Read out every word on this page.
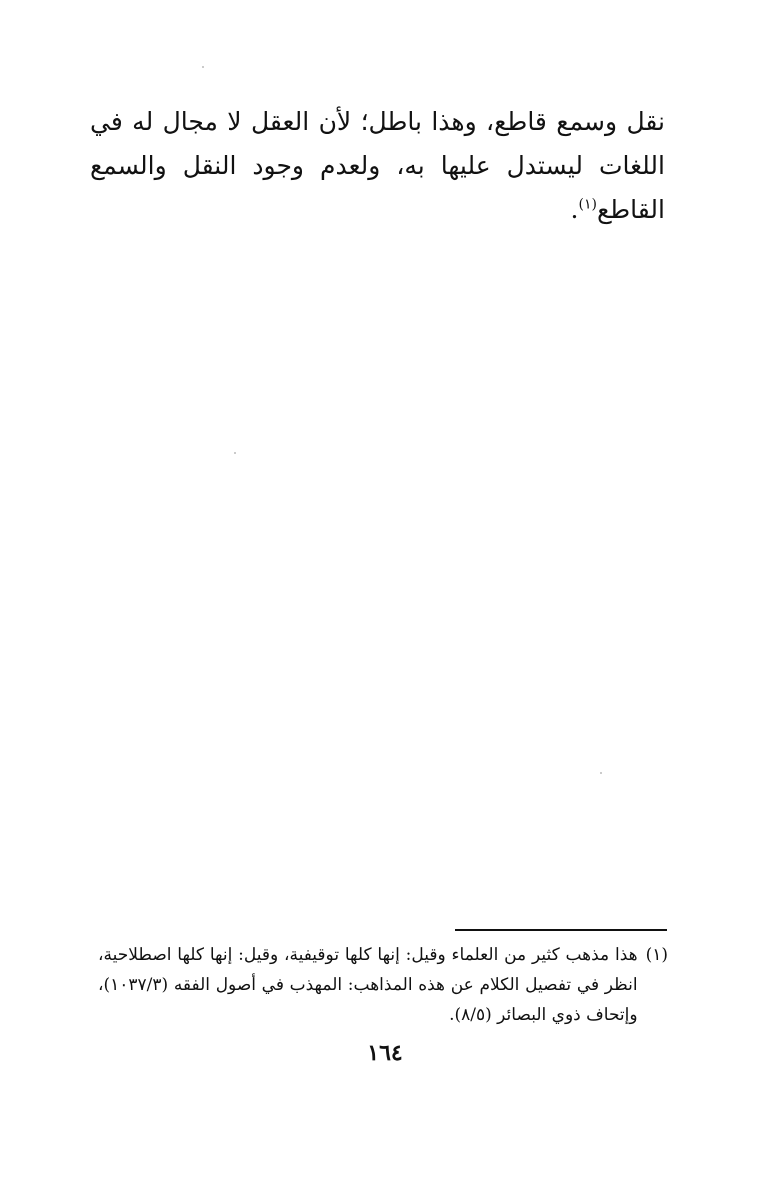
نقل وسمع قاطع، وهذا باطل؛ لأن العقل لا مجال له في اللغات ليستدل عليها به، ولعدم وجود النقل والسمع القاطع$^{(١)}$.

(١)
هذا مذهب كثير من العلماء وقيل: إنها كلها توقيفية، وقيل: إنها كلها اصطلاحية، انظر في تفصيل الكلام عن هذه المذاهب: المهذب في أصول الفقه (١٠٣٧/٣)، وإتحاف ذوي البصائر (٨/٥).

١٦٤
